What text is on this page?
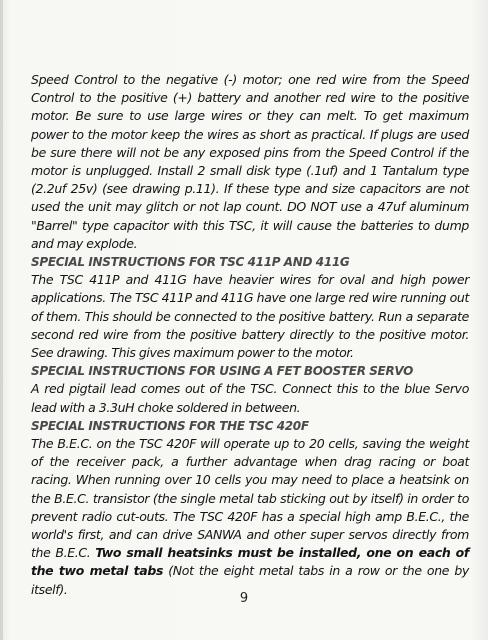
Speed Control to the negative (-) motor; one red wire from the Speed Control to the positive (+) battery and another red wire to the positive motor. Be sure to use large wires or they can melt. To get maximum power to the motor keep the wires as short as practical. If plugs are used be sure there will not be any exposed pins from the Speed Control if the motor is unplugged. Install 2 small disk type (.1uf) and 1 Tantalum type (2.2uf 25v) (see drawing p.11). If these type and size capacitors are not used the unit may glitch or not lap count. DO NOT use a 47uf aluminum "Barrel" type capacitor with this TSC, it will cause the batteries to dump and may explode.

SPECIAL INSTRUCTIONS FOR TSC 411P AND 411G

The TSC 411P and 411G have heavier wires for oval and high power applications. The TSC 411P and 411G have one large red wire running out of them. This should be connected to the positive battery. Run a separate second red wire from the positive battery directly to the positive motor. See drawing. This gives maximum power to the motor.

SPECIAL INSTRUCTIONS FOR USING A FET BOOSTER SERVO

A red pigtail lead comes out of the TSC. Connect this to the blue Servo lead with a 3.3uH choke soldered in between.

SPECIAL INSTRUCTIONS FOR THE TSC 420F

The B.E.C. on the TSC 420F will operate up to 20 cells, saving the weight of the receiver pack, a further advantage when drag racing or boat racing. When running over 10 cells you may need to place a heatsink on the B.E.C. transistor (the single metal tab sticking out by itself) in order to prevent radio cut-outs. The TSC 420F has a special high amp B.E.C., the world's first, and can drive SANWA and other super servos directly from the B.E.C. Two small heatsinks must be installed, one on each of the two metal tabs (Not the eight metal tabs in a row or the one by itself).

9
